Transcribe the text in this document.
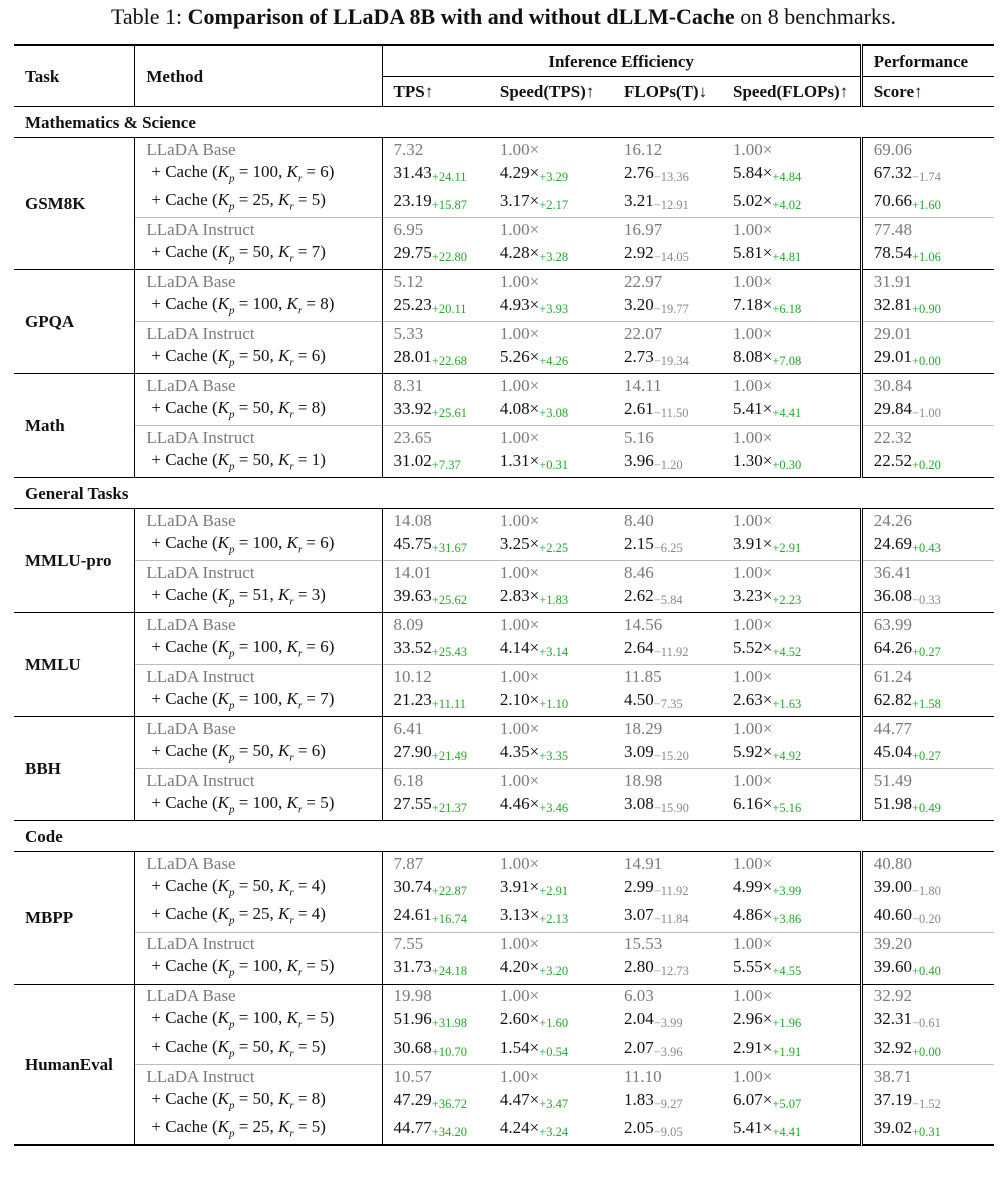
Table 1: Comparison of LLaDA 8B with and without dLLM-Cache on 8 benchmarks.
Task	Method	Inference Efficiency				Performance
		TPS↑	Speed(TPS)↑	FLOPs(T)↓	Speed(FLOPs)↑	Score↑
Mathematics & Science						
GSM8K	LLaDA Base	7.32	1.00×	16.12	1.00×	69.06
	+ Cache ($K_p = 100$, $K_r = 6$)	31.43+24.11	4.29×+3.29	2.76−13.36	5.84×+4.84	67.32−1.74
	+ Cache ($K_p = 25$, $K_r = 5$)	23.19+15.87	3.17×+2.17	3.21−12.91	5.02×+4.02	70.66+1.60
	LLaDA Instruct	6.95	1.00×	16.97	1.00×	77.48
	+ Cache ($K_p = 50$, $K_r = 7$)	29.75+22.80	4.28×+3.28	2.92−14.05	5.81×+4.81	78.54+1.06
GPQA	LLaDA Base	5.12	1.00×	22.97	1.00×	31.91
	+ Cache ($K_p = 100$, $K_r = 8$)	25.23+20.11	4.93×+3.93	3.20−19.77	7.18×+6.18	32.81+0.90
	LLaDA Instruct	5.33	1.00×	22.07	1.00×	29.01
	+ Cache ($K_p = 50$, $K_r = 6$)	28.01+22.68	5.26×+4.26	2.73−19.34	8.08×+7.08	29.01+0.00
Math	LLaDA Base	8.31	1.00×	14.11	1.00×	30.84
	+ Cache ($K_p = 50$, $K_r = 8$)	33.92+25.61	4.08×+3.08	2.61−11.50	5.41×+4.41	29.84−1.00
	LLaDA Instruct	23.65	1.00×	5.16	1.00×	22.32
	+ Cache ($K_p = 50$, $K_r = 1$)	31.02+7.37	1.31×+0.31	3.96−1.20	1.30×+0.30	22.52+0.20
General Tasks						
MMLU-pro	LLaDA Base	14.08	1.00×	8.40	1.00×	24.26
	+ Cache ($K_p = 100$, $K_r = 6$)	45.75+31.67	3.25×+2.25	2.15−6.25	3.91×+2.91	24.69+0.43
	LLaDA Instruct	14.01	1.00×	8.46	1.00×	36.41
	+ Cache ($K_p = 51$, $K_r = 3$)	39.63+25.62	2.83×+1.83	2.62−5.84	3.23×+2.23	36.08−0.33
MMLU	LLaDA Base	8.09	1.00×	14.56	1.00×	63.99
	+ Cache ($K_p = 100$, $K_r = 6$)	33.52+25.43	4.14×+3.14	2.64−11.92	5.52×+4.52	64.26+0.27
	LLaDA Instruct	10.12	1.00×	11.85	1.00×	61.24
	+ Cache ($K_p = 100$, $K_r = 7$)	21.23+11.11	2.10×+1.10	4.50−7.35	2.63×+1.63	62.82+1.58
BBH	LLaDA Base	6.41	1.00×	18.29	1.00×	44.77
	+ Cache ($K_p = 50$, $K_r = 6$)	27.90+21.49	4.35×+3.35	3.09−15.20	5.92×+4.92	45.04+0.27
	LLaDA Instruct	6.18	1.00×	18.98	1.00×	51.49
	+ Cache ($K_p = 100$, $K_r = 5$)	27.55+21.37	4.46×+3.46	3.08−15.90	6.16×+5.16	51.98+0.49
Code						
MBPP	LLaDA Base	7.87	1.00×	14.91	1.00×	40.80
	+ Cache ($K_p = 50$, $K_r = 4$)	30.74+22.87	3.91×+2.91	2.99−11.92	4.99×+3.99	39.00−1.80
	+ Cache ($K_p = 25$, $K_r = 4$)	24.61+16.74	3.13×+2.13	3.07−11.84	4.86×+3.86	40.60−0.20
	LLaDA Instruct	7.55	1.00×	15.53	1.00×	39.20
	+ Cache ($K_p = 100$, $K_r = 5$)	31.73+24.18	4.20×+3.20	2.80−12.73	5.55×+4.55	39.60+0.40
HumanEval	LLaDA Base	19.98	1.00×	6.03	1.00×	32.92
	+ Cache ($K_p = 100$, $K_r = 5$)	51.96+31.98	2.60×+1.60	2.04−3.99	2.96×+1.96	32.31−0.61
	+ Cache ($K_p = 50$, $K_r = 5$)	30.68+10.70	1.54×+0.54	2.07−3.96	2.91×+1.91	32.92+0.00
	LLaDA Instruct	10.57	1.00×	11.10	1.00×	38.71
	+ Cache ($K_p = 50$, $K_r = 8$)	47.29+36.72	4.47×+3.47	1.83−9.27	6.07×+5.07	37.19−1.52
	+ Cache ($K_p = 25$, $K_r = 5$)	44.77+34.20	4.24×+3.24	2.05−9.05	5.41×+4.41	39.02+0.31
